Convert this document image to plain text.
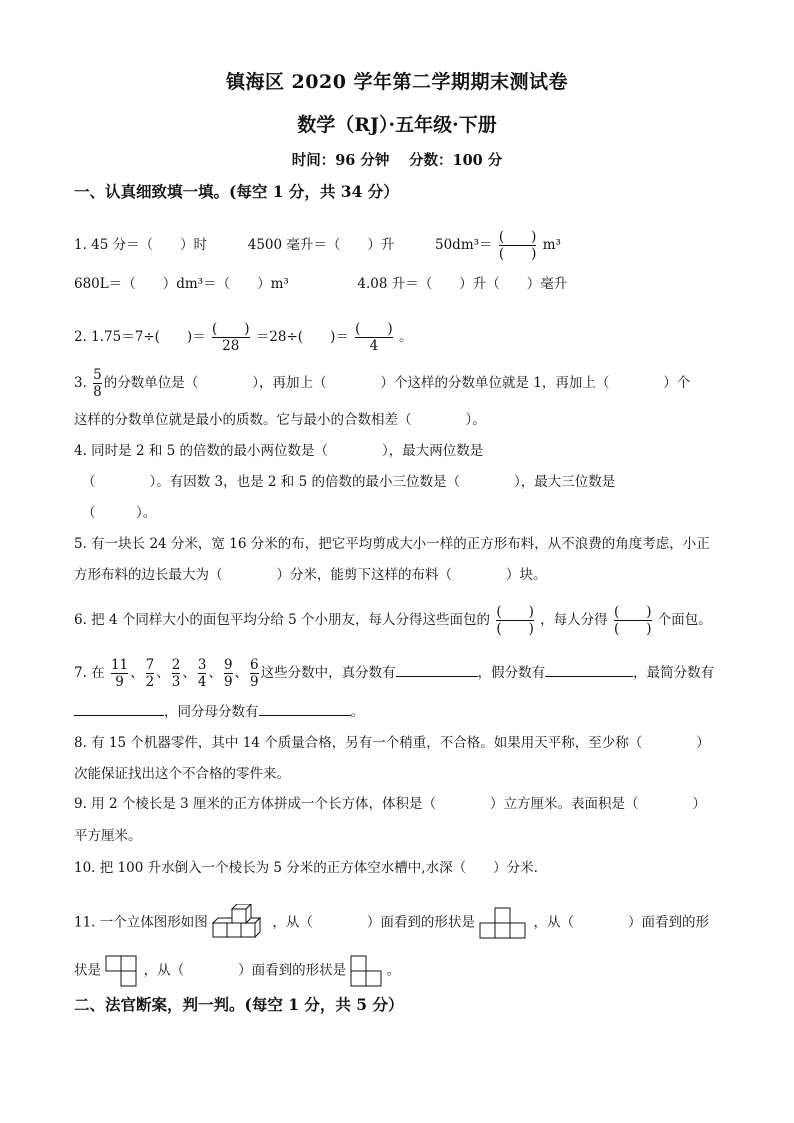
镇海区 2020 学年第二学期期末测试卷
数学（RJ）·五年级·下册
时间：96 分钟　 分数：100 分
一、认真细致填一填。(每空 1 分，共 34 分）
1. 45 分＝（　　）时	4500 毫升＝（　　）升	$50dm^3= \frac{( )}{( )} m^3$
680L＝（　　）dm³＝（　　）m³	4.08 升＝（　　）升（　　）毫升
2. 1.75＝7÷(　　)＝ $\frac{( )}{28} =28\div$(　　)＝ $\frac{( )}{4}$ 。
3. $\frac{5}{8}$ 的分数单位是（　　　　），再加上（　　　　）个这样的分数单位就是 1，再加上（　　　　）个
这样的分数单位就是最小的质数。它与最小的合数相差（　　　　）。
4. 同时是 2 和 5 的倍数的最小两位数是（　　　　），最大两位数是
（　　　　）。有因数 3，也是 2 和 5 的倍数的最小三位数是（　　　　），最大三位数是
（　　　）。
5. 有一块长 24 分米，宽 16 分米的布，把它平均剪成大小一样的正方形布料，从不浪费的角度考虑，小正
方形布料的边长最大为（　　　　）分米，能剪下这样的布料（　　　　）块。
6. 把 4 个同样大小的面包平均分给 5 个小朋友，每人分得这些面包的 $\frac{( )}{( )}$ ，每人分得 $\frac{( )}{( )}$ 个面包。
7. 在 $\frac{11}{9}$ 、 $\frac{7}{2}$ 、 $\frac{2}{3}$ 、 $\frac{3}{4}$ 、 $\frac{9}{9}$ 、 $\frac{6}{9}$ 这些分数中，真分数有	，假分数有	，最简分数有
，同分母分数有	。
8. 有 15 个机器零件，其中 14 个质量合格，另有一个稍重，不合格。如果用天平称，至少称（　　　　）
次能保证找出这个不合格的零件来。
9. 用 2 个棱长是 3 厘米的正方体拼成一个长方体，体积是（　　　　）立方厘米。表面积是（　　　　）
平方厘米。
10. 把 100 升水倒入一个棱长为 5 分米的正方体空水槽中,水深（　　）分米.
11. 一个立体图形如图	，从（　　　　）面看到的形状是	，从（　　　　）面看到的形
状是	，从（　　　　）面看到的形状是	。
二、法官断案，判一判。(每空 1 分，共 5 分）
